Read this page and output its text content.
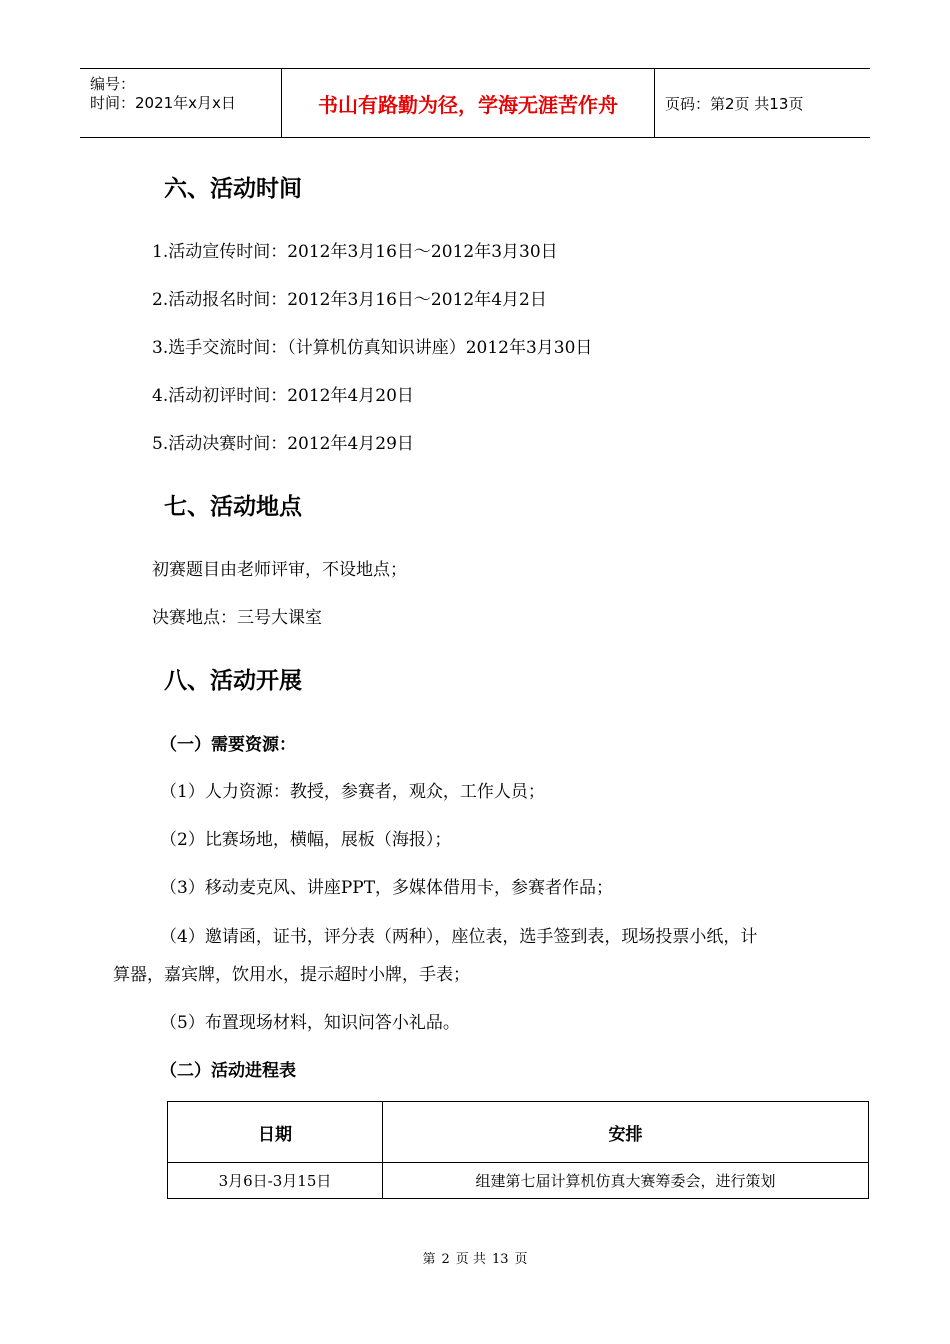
编号：
时间：2021年x月x日	书山有路勤为径，学海无涯苦作舟	页码：第2页 共13页
六、活动时间
1.活动宣传时间：2012年3月16日～2012年3月30日
2.活动报名时间：2012年3月16日～2012年4月2日
3.选手交流时间：（计算机仿真知识讲座）2012年3月30日
4.活动初评时间：2012年4月20日
5.活动决赛时间：2012年4月29日
七、活动地点
初赛题目由老师评审，不设地点；
决赛地点：三号大课室
八、活动开展
（一）需要资源：
（1）人力资源：教授，参赛者，观众，工作人员；
（2）比赛场地，横幅，展板（海报）；
（3）移动麦克风、讲座PPT，多媒体借用卡，参赛者作品；
（4）邀请函，证书，评分表（两种），座位表，选手签到表，现场投票小纸，计
算器，嘉宾牌，饮用水，提示超时小牌，手表；
（5）布置现场材料，知识问答小礼品。
（二）活动进程表
日期	安排
3月6日-3月15日	组建第七届计算机仿真大赛筹委会，进行策划
第 2 页 共 13 页
